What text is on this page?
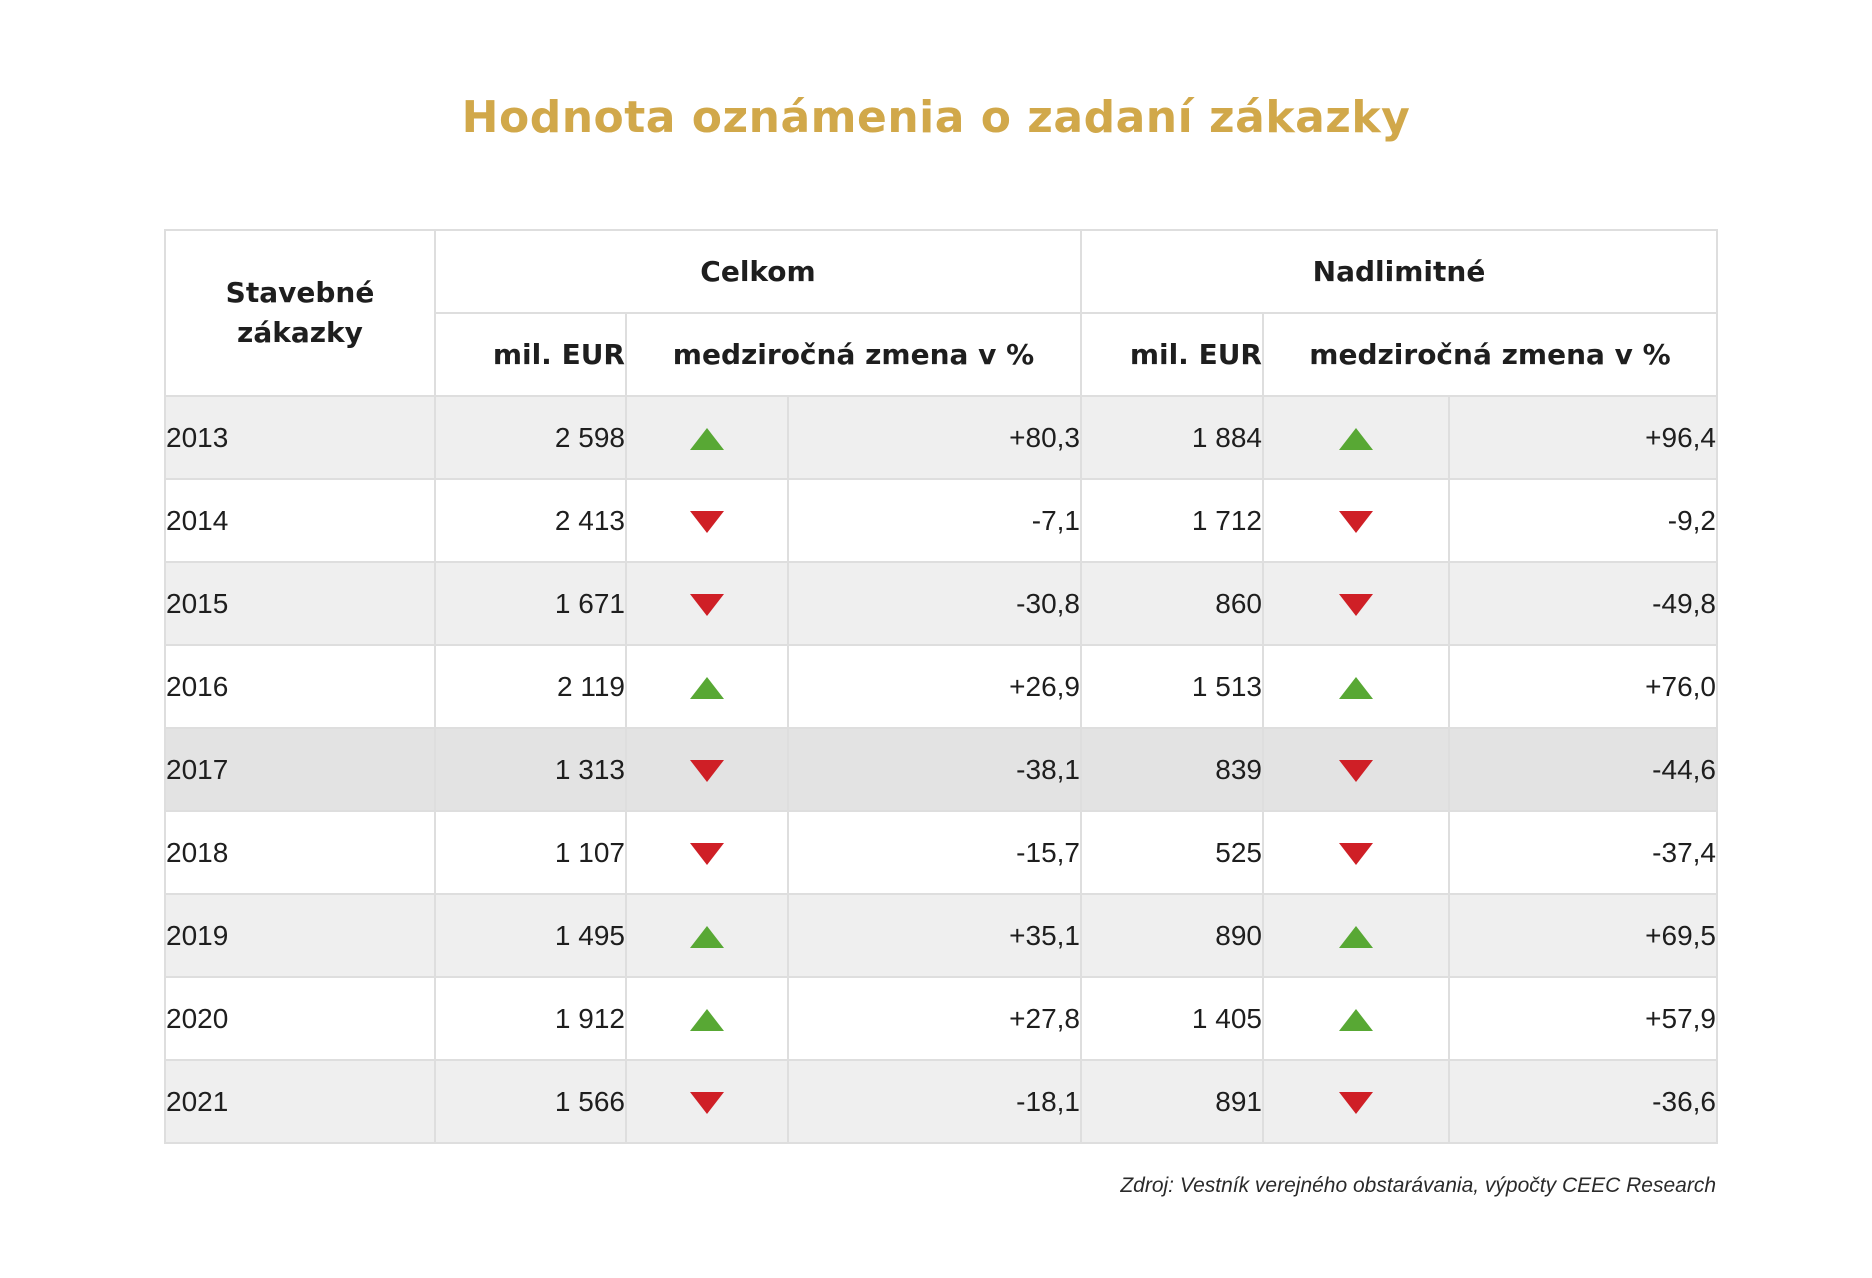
Hodnota oznámenia o zadaní zákazky
Stavebné
zákazky	Celkom			Nadlimitné		
	mil. EUR	medziročná zmena v %		mil. EUR	medziročná zmena v %	
2013	2 598		+80,3	1 884		+96,4
2014	2 413		-7,1	1 712		-9,2
2015	1 671		-30,8	860		-49,8
2016	2 119		+26,9	1 513		+76,0
2017	1 313		-38,1	839		-44,6
2018	1 107		-15,7	525		-37,4
2019	1 495		+35,1	890		+69,5
2020	1 912		+27,8	1 405		+57,9
2021	1 566		-18,1	891		-36,6
Zdroj: Vestník verejného obstarávania, výpočty CEEC Research
